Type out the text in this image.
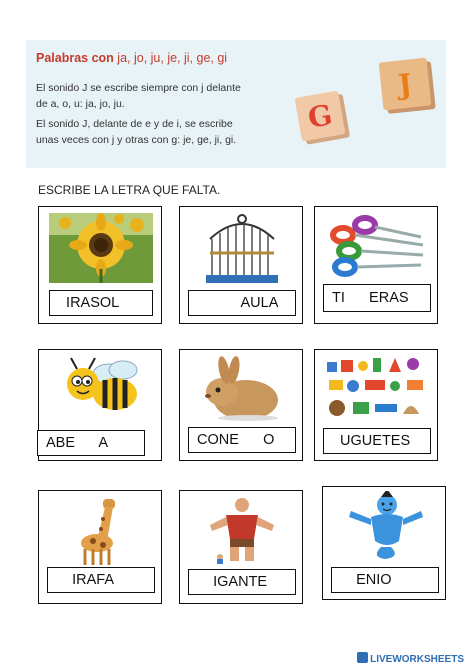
Palabras con ja, jo, ju, je, ji, ge, gi
El sonido J se escribe siempre con j delante
de a, o, u: ja, jo, ju.
El sonido J, delante de e y de i, se escribe
unas veces con j y otras con g: je, ge, ji, gi.
J
G
ESCRIBE LA LETRA QUE FALTA.
IRASOL	AULA	TI      ERAS
ABE      A	CONE      O	UGUETES
IRAFA	IGANTE	ENIO
LIVEWORKSHEETS
